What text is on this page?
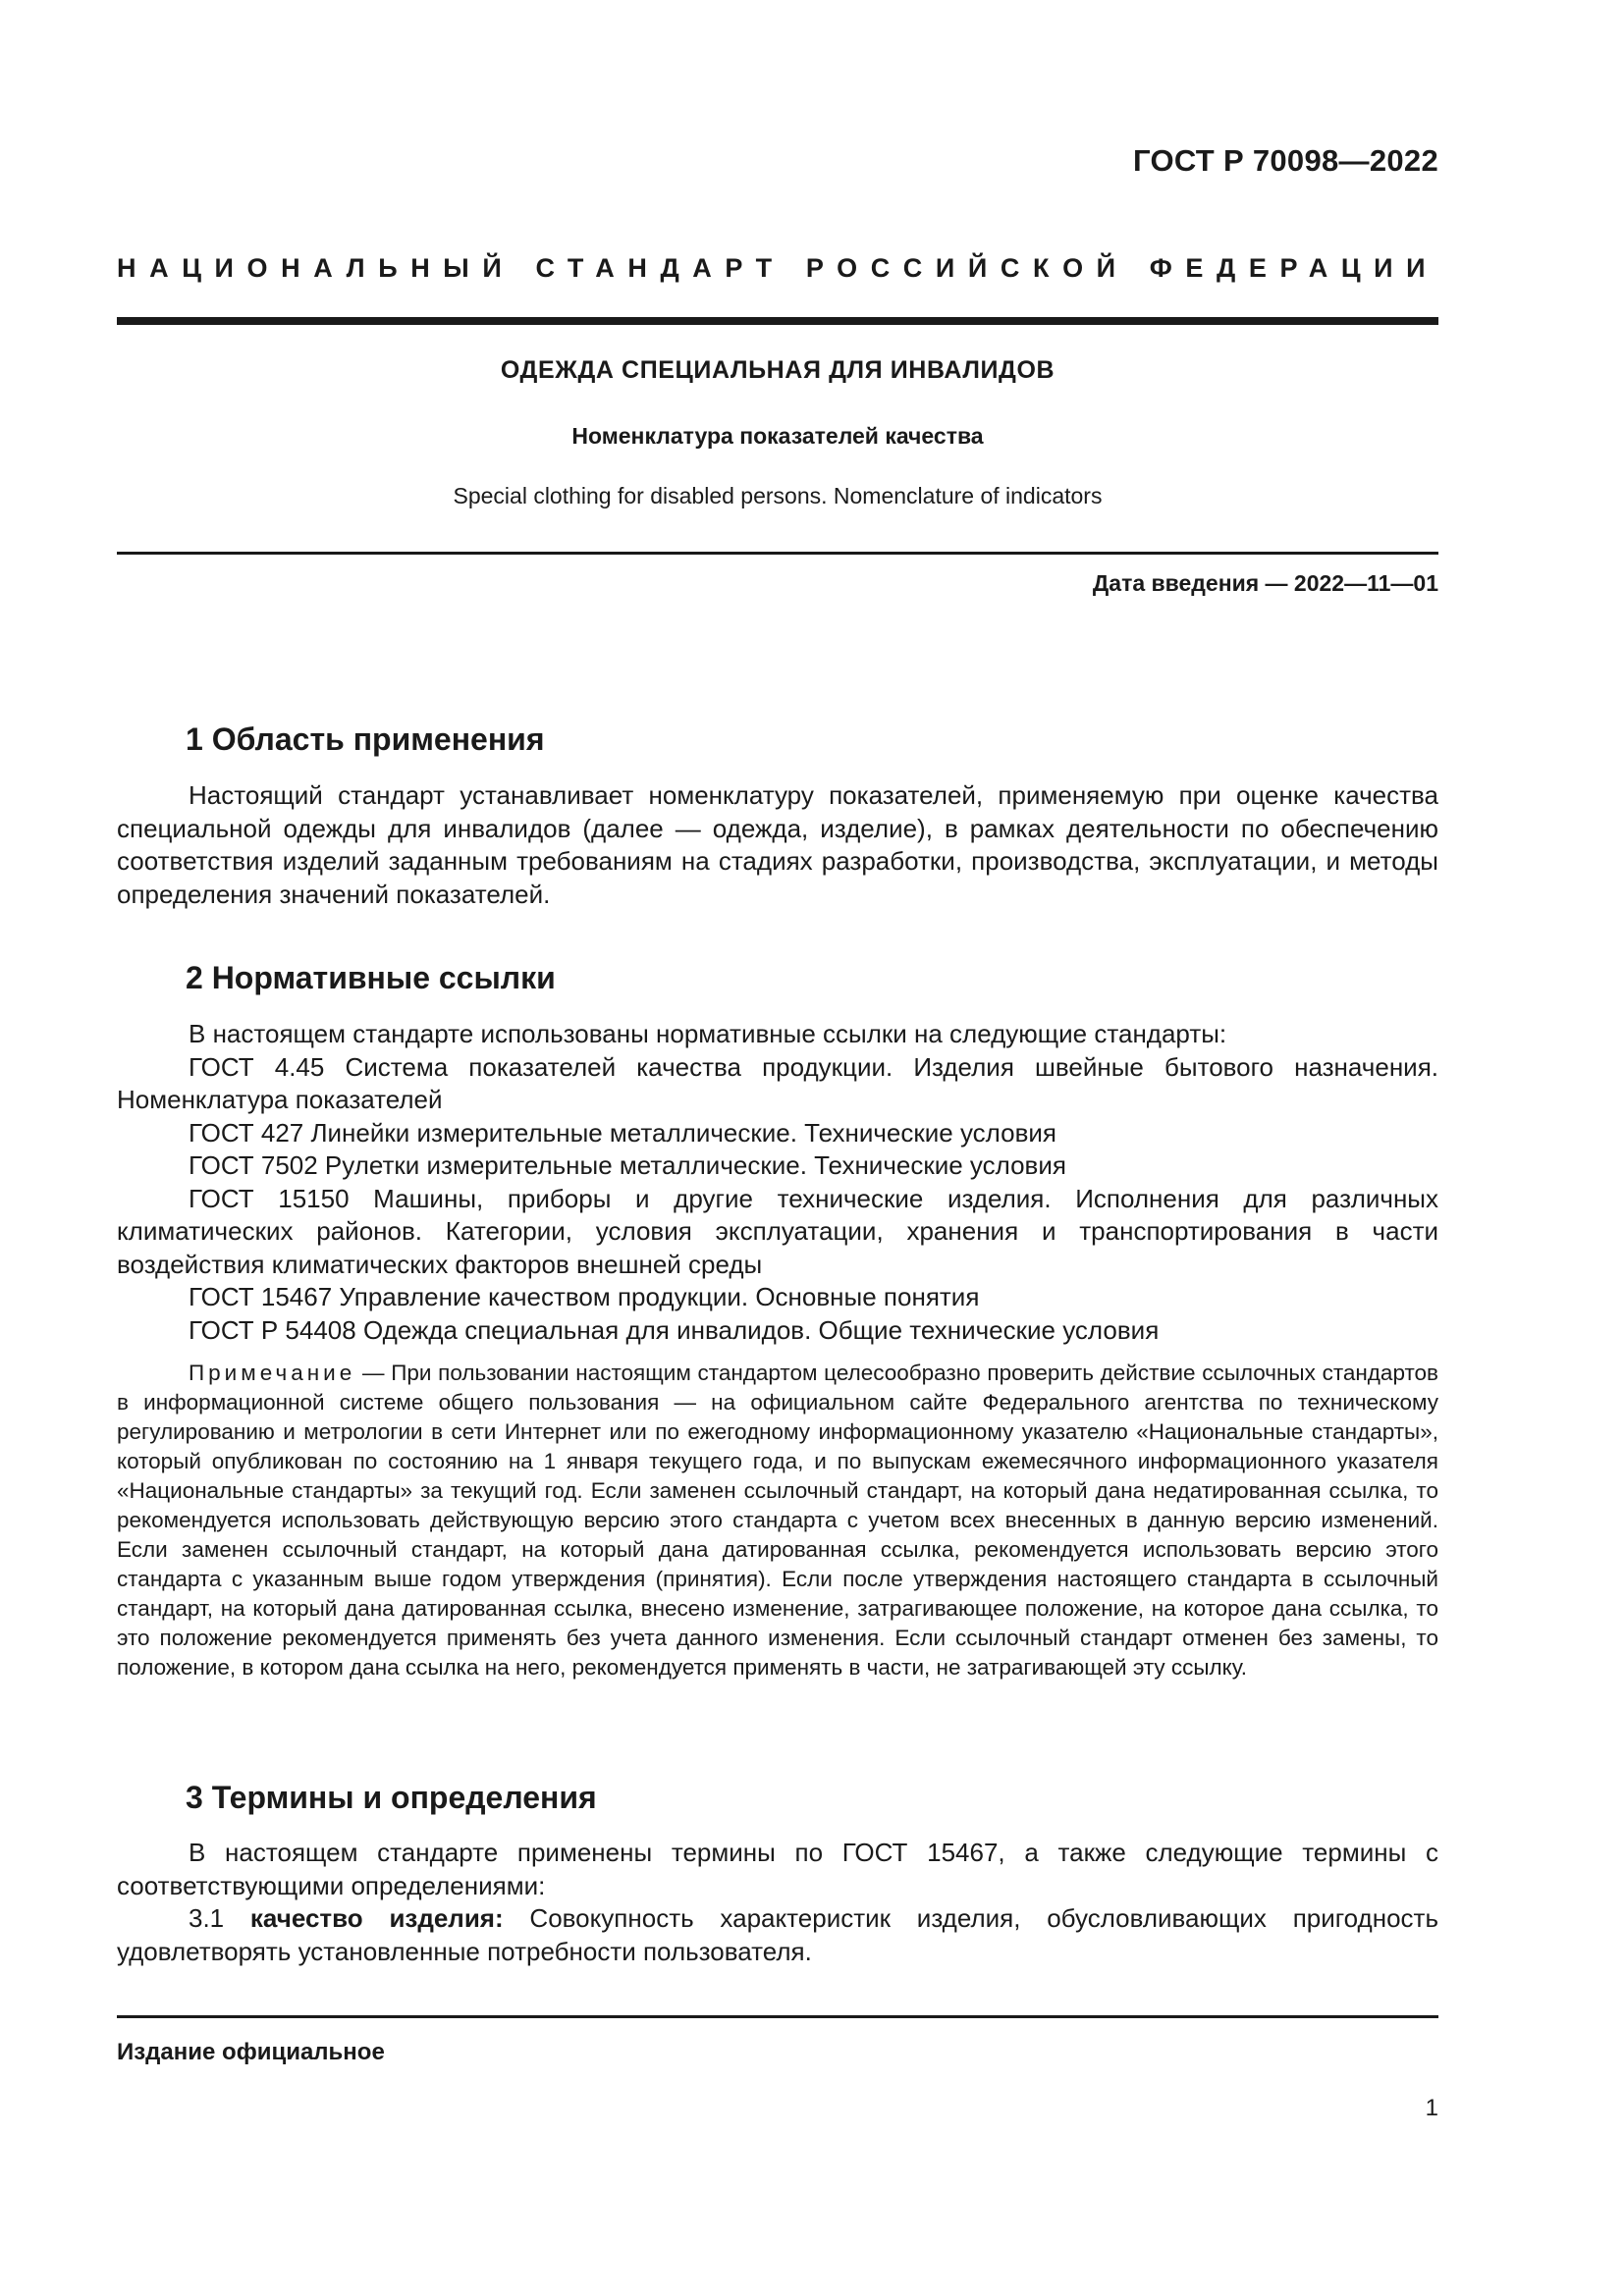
ГОСТ Р 70098—2022
НАЦИОНАЛЬНЫЙ СТАНДАРТ РОССИЙСКОЙ ФЕДЕРАЦИИ
ОДЕЖДА СПЕЦИАЛЬНАЯ ДЛЯ ИНВАЛИДОВ
Номенклатура показателей качества
Special clothing for disabled persons. Nomenclature of indicators
Дата введения — 2022—11—01
1 Область применения

Настоящий стандарт устанавливает номенклатуру показателей, применяемую при оценке качества специальной одежды для инвалидов (далее — одежда, изделие), в рамках деятельности по обеспечению соответствия изделий заданным требованиям на стадиях разработки, производства, эксплуатации, и методы определения значений показателей.

2 Нормативные ссылки

В настоящем стандарте использованы нормативные ссылки на следующие стандарты:

ГОСТ 4.45 Система показателей качества продукции. Изделия швейные бытового назначения. Номенклатура показателей

ГОСТ 427 Линейки измерительные металлические. Технические условия

ГОСТ 7502 Рулетки измерительные металлические. Технические условия

ГОСТ 15150 Машины, приборы и другие технические изделия. Исполнения для различных климатических районов. Категории, условия эксплуатации, хранения и транспортирования в части воздействия климатических факторов внешней среды

ГОСТ 15467 Управление качеством продукции. Основные понятия

ГОСТ Р 54408 Одежда специальная для инвалидов. Общие технические условия

Примечание — При пользовании настоящим стандартом целесообразно проверить действие ссылочных стандартов в информационной системе общего пользования — на официальном сайте Федерального агентства по техническому регулированию и метрологии в сети Интернет или по ежегодному информационному указателю «Национальные стандарты», который опубликован по состоянию на 1 января текущего года, и по выпускам ежемесячного информационного указателя «Национальные стандарты» за текущий год. Если заменен ссылочный стандарт, на который дана недатированная ссылка, то рекомендуется использовать действующую версию этого стандарта с учетом всех внесенных в данную версию изменений. Если заменен ссылочный стандарт, на который дана датированная ссылка, рекомендуется использовать версию этого стандарта с указанным выше годом утверждения (принятия). Если после утверждения настоящего стандарта в ссылочный стандарт, на который дана датированная ссылка, внесено изменение, затрагивающее положение, на которое дана ссылка, то это положение рекомендуется применять без учета данного изменения. Если ссылочный стандарт отменен без замены, то положение, в котором дана ссылка на него, рекомендуется применять в части, не затрагивающей эту ссылку.

3 Термины и определения

В настоящем стандарте применены термины по ГОСТ 15467, а также следующие термины с соответствующими определениями:

3.1 качество изделия: Совокупность характеристик изделия, обусловливающих пригодность удовлетворять установленные потребности пользователя.

Издание официальное
1
